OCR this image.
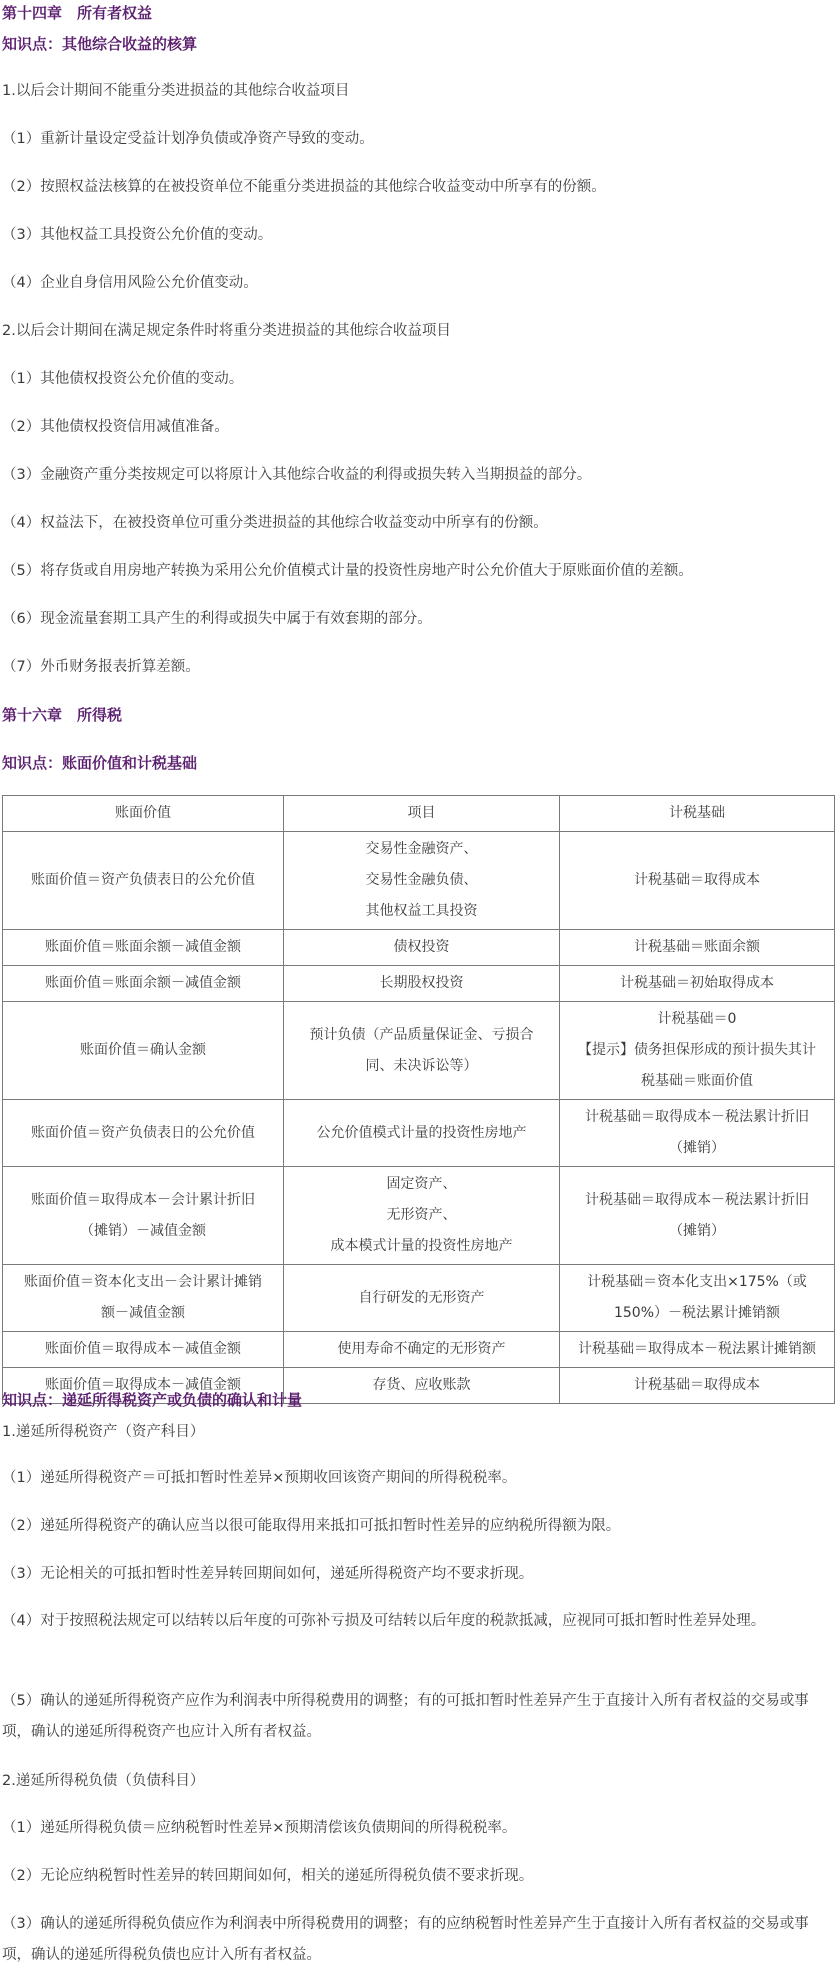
第十四章　所有者权益
知识点：其他综合收益的核算
1.以后会计期间不能重分类进损益的其他综合收益项目
（1）重新计量设定受益计划净负债或净资产导致的变动。
（2）按照权益法核算的在被投资单位不能重分类进损益的其他综合收益变动中所享有的份额。
（3）其他权益工具投资公允价值的变动。
（4）企业自身信用风险公允价值变动。
2.以后会计期间在满足规定条件时将重分类进损益的其他综合收益项目
（1）其他债权投资公允价值的变动。
（2）其他债权投资信用减值准备。
（3）金融资产重分类按规定可以将原计入其他综合收益的利得或损失转入当期损益的部分。
（4）权益法下，在被投资单位可重分类进损益的其他综合收益变动中所享有的份额。
（5）将存货或自用房地产转换为采用公允价值模式计量的投资性房地产时公允价值大于原账面价值的差额。
（6）现金流量套期工具产生的利得或损失中属于有效套期的部分。
（7）外币财务报表折算差额。
第十六章　所得税
知识点：账面价值和计税基础
账面价值	项目	计税基础

账面价值＝资产负债表日的公允价值	交易性金融资产、
交易性金融负债、
其他权益工具投资	计税基础＝取得成本

账面价值＝账面余额－减值金额	债权投资	计税基础＝账面余额

账面价值＝账面余额－减值金额	长期股权投资	计税基础＝初始取得成本

账面价值＝确认金额	预计负债（产品质量保证金、亏损合
同、未决诉讼等）	计税基础＝0
【提示】债务担保形成的预计损失其计
税基础＝账面价值

账面价值＝资产负债表日的公允价值	公允价值模式计量的投资性房地产	计税基础＝取得成本－税法累计折旧
（摊销）

账面价值＝取得成本－会计累计折旧
（摊销）－减值金额	固定资产、
无形资产、
成本模式计量的投资性房地产	计税基础＝取得成本－税法累计折旧
（摊销）

账面价值＝资本化支出－会计累计摊销
额－减值金额	自行研发的无形资产	计税基础＝资本化支出×175%（或
150%）－税法累计摊销额

账面价值＝取得成本－减值金额	使用寿命不确定的无形资产	计税基础＝取得成本－税法累计摊销额

账面价值＝取得成本－减值金额	存货、应收账款	计税基础＝取得成本
知识点：递延所得税资产或负债的确认和计量
1.递延所得税资产（资产科目）
（1）递延所得税资产＝可抵扣暂时性差异×预期收回该资产期间的所得税税率。
（2）递延所得税资产的确认应当以很可能取得用来抵扣可抵扣暂时性差异的应纳税所得额为限。
（3）无论相关的可抵扣暂时性差异转回期间如何，递延所得税资产均不要求折现。
（4）对于按照税法规定可以结转以后年度的可弥补亏损及可结转以后年度的税款抵减，应视同可抵扣暂时性差异处理。
（5）确认的递延所得税资产应作为利润表中所得税费用的调整；有的可抵扣暂时性差异产生于直接计入所有者权益的交易或事项，确认的递延所得税资产也应计入所有者权益。
2.递延所得税负债（负债科目）
（1）递延所得税负债＝应纳税暂时性差异×预期清偿该负债期间的所得税税率。
（2）无论应纳税暂时性差异的转回期间如何，相关的递延所得税负债不要求折现。
（3）确认的递延所得税负债应作为利润表中所得税费用的调整；有的应纳税暂时性差异产生于直接计入所有者权益的交易或事项，确认的递延所得税负债也应计入所有者权益。
